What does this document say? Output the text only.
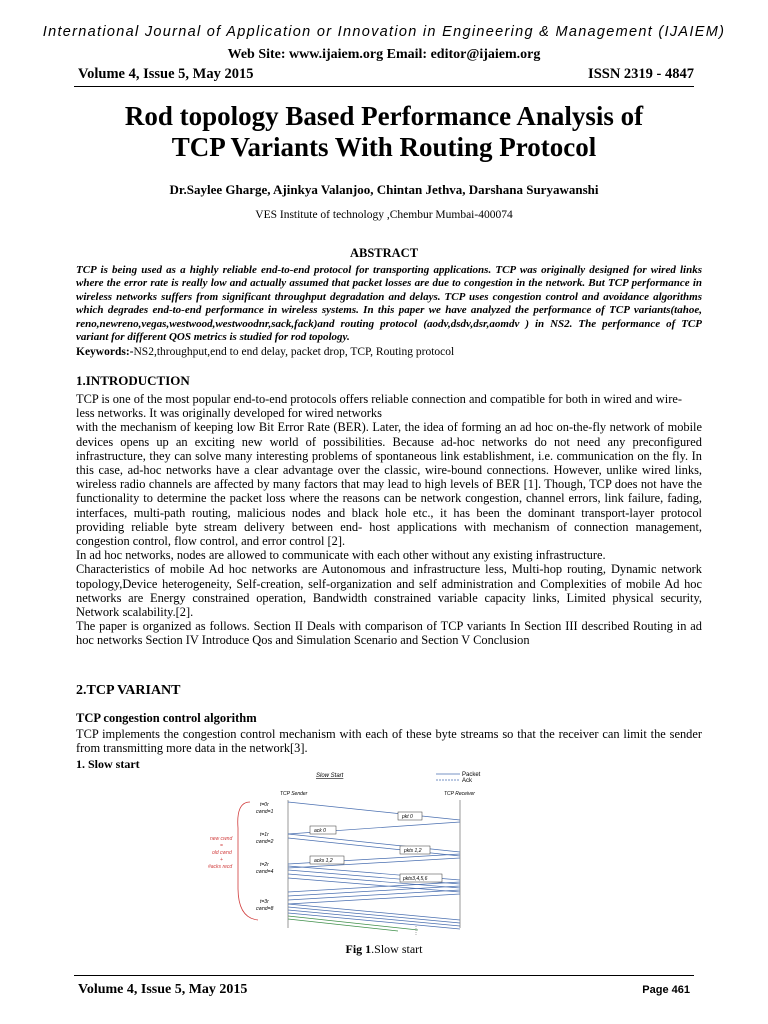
International Journal of Application or Innovation in Engineering & Management (IJAIEM)
Web Site: www.ijaiem.org Email: editor@ijaiem.org
Volume 4, Issue 5, May 2015	ISSN 2319 - 4847
Rod topology Based Performance Analysis of
TCP Variants With Routing Protocol
Dr.Saylee Gharge, Ajinkya Valanjoo, Chintan Jethva, Darshana Suryawanshi
VES Institute of technology ,Chembur Mumbai-400074
ABSTRACT
TCP is being used as a highly reliable end-to-end protocol for transporting applications. TCP was originally designed for wired links where the error rate is really low and actually assumed that packet losses are due to congestion in the network. But TCP performance in wireless networks suffers from significant throughput degradation and delays. TCP uses congestion control and avoidance algorithms which degrades end-to-end performance in wireless systems. In this paper we have analyzed the performance of TCP variants(tahoe, reno,newreno,vegas,westwood,westwoodnr,sack,fack)and routing protocol (aodv,dsdv,dsr,aomdv ) in NS2. The performance of TCP variant for different QOS metrics is studied for rod topology.
Keywords:-NS2,throughput,end to end delay, packet drop, TCP, Routing protocol
1.INTRODUCTION

TCP is one of the most popular end-to-end protocols offers reliable connection and compatible for both in wired and wire-

less networks. It was originally developed for wired networks

with the mechanism of keeping low Bit Error Rate (BER). Later, the idea of forming an ad hoc on-the-fly network of mobile devices opens up an exciting new world of possibilities. Because ad-hoc networks do not need any preconfigured infrastructure, they can solve many interesting problems of spontaneous link establishment, i.e. communication on the fly. In this case, ad-hoc networks have a clear advantage over the classic, wire-bound connections. However, unlike wired links, wireless radio channels are affected by many factors that may lead to high levels of BER [1]. Though, TCP does not have the functionality to determine the packet loss where the reasons can be network congestion, channel errors, link failure, fading, interfaces, multi-path routing, malicious nodes and black hole etc., it has been the dominant transport-layer protocol providing reliable byte stream delivery between end- host applications with mechanism of connection management, congestion control, flow control, and error control [2].

In ad hoc networks, nodes are allowed to communicate with each other without any existing infrastructure.

Characteristics of mobile Ad hoc networks are Autonomous and infrastructure less, Multi-hop routing, Dynamic network topology,Device heterogeneity, Self-creation, self-organization and self administration and Complexities of mobile Ad hoc networks are Energy constrained operation, Bandwidth constrained variable capacity links, Limited physical security, Network scalability.[2].

The paper is organized as follows. Section II Deals with comparison of TCP variants In Section III described Routing in ad hoc networks Section IV Introduce Qos and Simulation Scenario and Section V Conclusion

2.TCP VARIANT
TCP congestion control algorithm
TCP implements the congestion control mechanism with each of these byte streams so that the receiver can limit the sender from transmitting more data in the network[3].
1. Slow start
Slow Start	Packet
Ack
TCP Sender	TCP Receiver
t=0r
cwnd=1
t=1r
cwnd=2
t=2r
cwnd=4
t=3r
cwnd=8
new cwnd
=
old cwnd
+
#acks recd
pkt 0
ack 0
pkts 1,2
acks 1,2
pkts3,4,5,6
Fig 1.Slow start
Volume 4, Issue 5, May 2015	Page 461
